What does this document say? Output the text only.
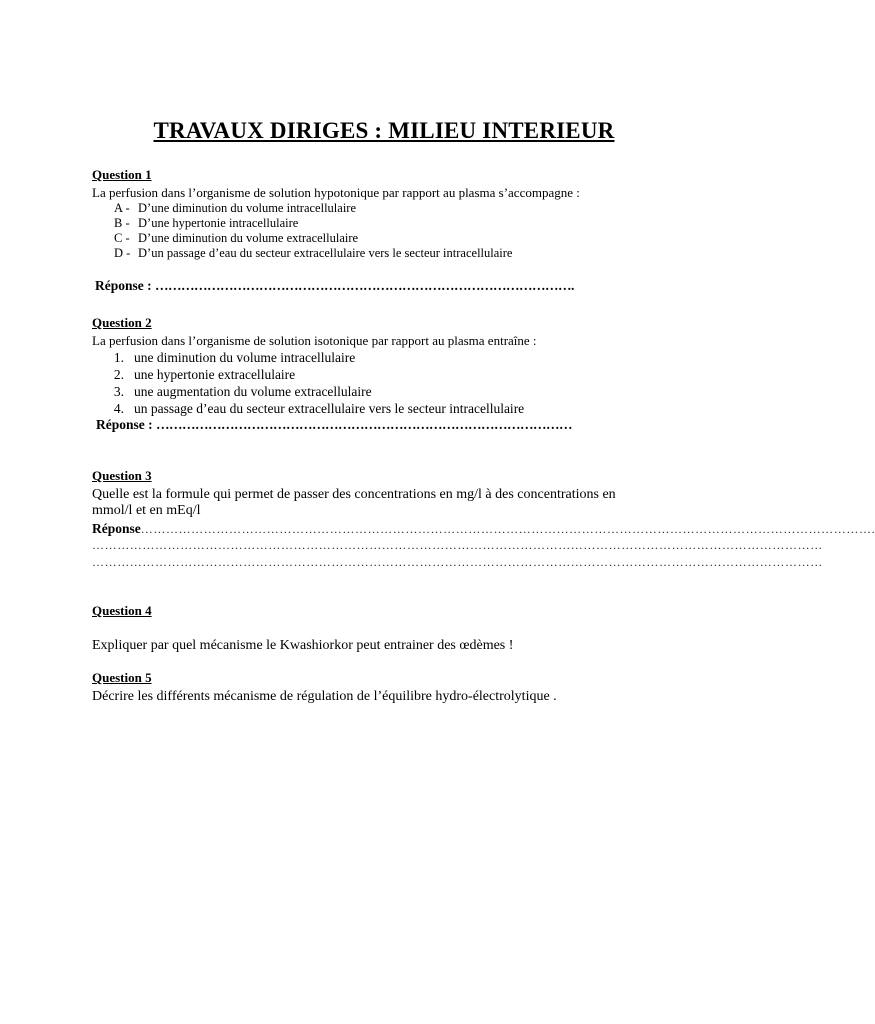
TRAVAUX DIRIGES : MILIEU INTERIEUR
Question 1
La perfusion dans l’organisme de solution hypotonique par rapport au plasma s’accompagne :
A - D’une diminution du volume intracellulaire
B - D’une hypertonie intracellulaire
C - D’une diminution du volume extracellulaire
D - D’un passage d’eau du secteur extracellulaire vers le secteur intracellulaire
Réponse : …………………………………………………………………………………….
Question 2
La perfusion dans l’organisme de solution isotonique par rapport au plasma entraîne :
1. une diminution du volume intracellulaire
2. une hypertonie extracellulaire
3. une augmentation du volume extracellulaire
4. un passage d’eau du secteur extracellulaire vers le secteur intracellulaire
Réponse : ……………………………………………………………………………………
Question 3
Quelle est la formule qui permet de passer des concentrations en mg/l à des concentrations en
mmol/l et en mEq/l
Réponse………………………………………………………………………………………………………………………………………………………….
…………………………………………………………………………………………………………………………………………………………
…………………………………………………………………………………………………………………………………………………………
Question 4
Expliquer par quel mécanisme le Kwashiorkor peut entrainer des œdèmes !
Question 5
Décrire les différents mécanisme de régulation de l’équilibre hydro-électrolytique .
